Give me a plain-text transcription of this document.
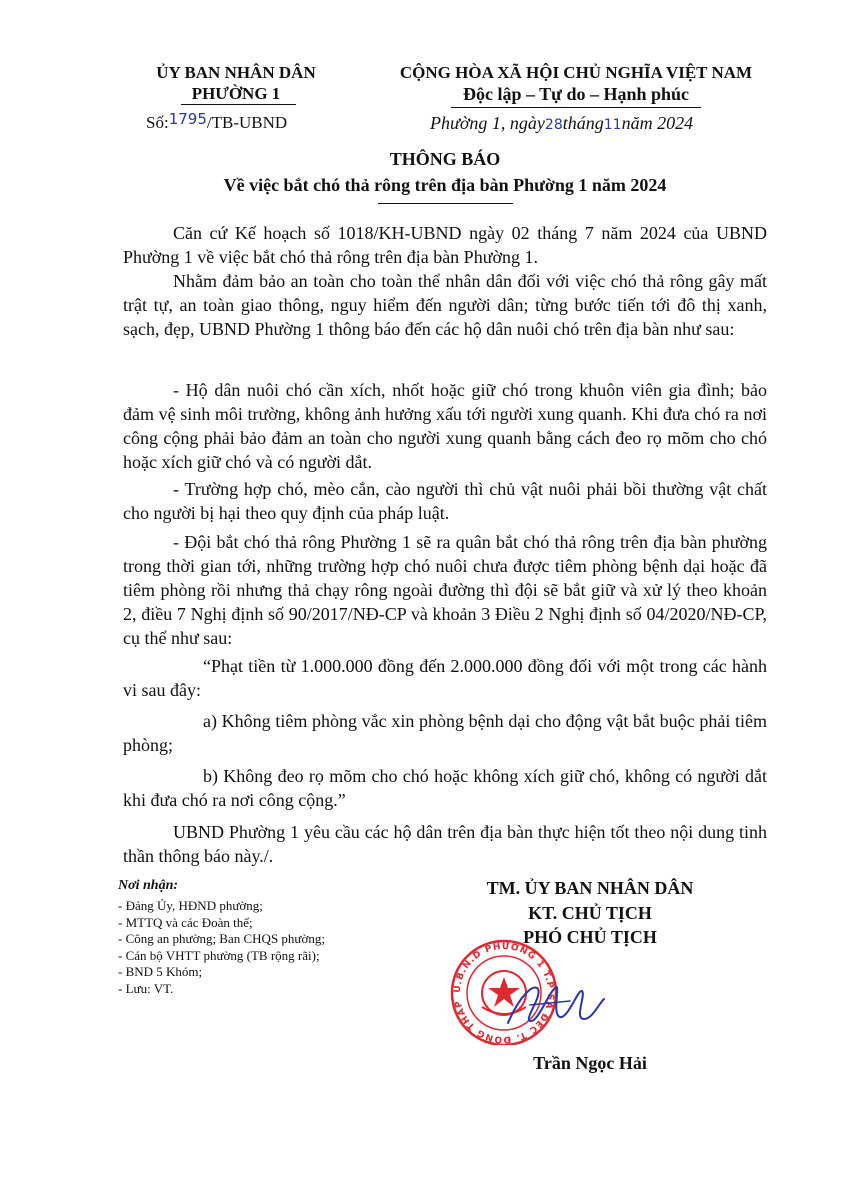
ỦY BAN NHÂN DÂN
PHƯỜNG 1
Số:1795/TB-UBND
CỘNG HÒA XÃ HỘI CHỦ NGHĨA VIỆT NAM
Độc lập – Tự do – Hạnh phúc
Phường 1, ngày28tháng11năm 2024
THÔNG BÁO
Về việc bắt chó thả rông trên địa bàn Phường 1 năm 2024

Căn cứ Kế hoạch số 1018/KH-UBND ngày 02 tháng 7 năm 2024 của UBND Phường 1 về việc bắt chó thả rông trên địa bàn Phường 1.

Nhằm đảm bảo an toàn cho toàn thể nhân dân đối với việc chó thả rông gây mất trật tự, an toàn giao thông, nguy hiểm đến người dân; từng bước tiến tới đô thị xanh, sạch, đẹp, UBND Phường 1 thông báo đến các hộ dân nuôi chó trên địa bàn như sau:

- Hộ dân nuôi chó cần xích, nhốt hoặc giữ chó trong khuôn viên gia đình; bảo đảm vệ sinh môi trường, không ảnh hưởng xấu tới người xung quanh. Khi đưa chó ra nơi công cộng phải bảo đảm an toàn cho người xung quanh bằng cách đeo rọ mõm cho chó hoặc xích giữ chó và có người dắt.

- Trường hợp chó, mèo cắn, cào người thì chủ vật nuôi phải bồi thường vật chất cho người bị hại theo quy định của pháp luật.

- Đội bắt chó thả rông Phường 1 sẽ ra quân bắt chó thả rông trên địa bàn phường trong thời gian tới, những trường hợp chó nuôi chưa được tiêm phòng bệnh dại hoặc đã tiêm phòng rồi nhưng thả chạy rông ngoài đường thì đội sẽ bắt giữ và xử lý theo khoản 2, điều 7 Nghị định số 90/2017/NĐ-CP và khoản 3 Điều 2 Nghị định số 04/2020/NĐ-CP, cụ thể như sau:

“Phạt tiền từ 1.000.000 đồng đến 2.000.000 đồng đối với một trong các hành vi sau đây:

a) Không tiêm phòng vắc xin phòng bệnh dại cho động vật bắt buộc phải tiêm phòng;

b) Không đeo rọ mõm cho chó hoặc không xích giữ chó, không có người dắt khi đưa chó ra nơi công cộng.”

UBND Phường 1 yêu cầu các hộ dân trên địa bàn thực hiện tốt theo nội dung tinh thần thông báo này./.

Nơi nhận:
- Đảng Ủy, HĐND phường;
- MTTQ và các Đoàn thể;
- Công an phường; Ban CHQS phường;
- Cán bộ VHTT phường (TB rộng rãi);
- BND 5 Khóm;
- Lưu: VT.
TM. ỦY BAN NHÂN DÂN
KT. CHỦ TỊCH
PHÓ CHỦ TỊCH
U.B.N.D PHƯỜNG 1 T.P SA ĐÉC T. ĐỒNG THÁP
Trần Ngọc Hải
